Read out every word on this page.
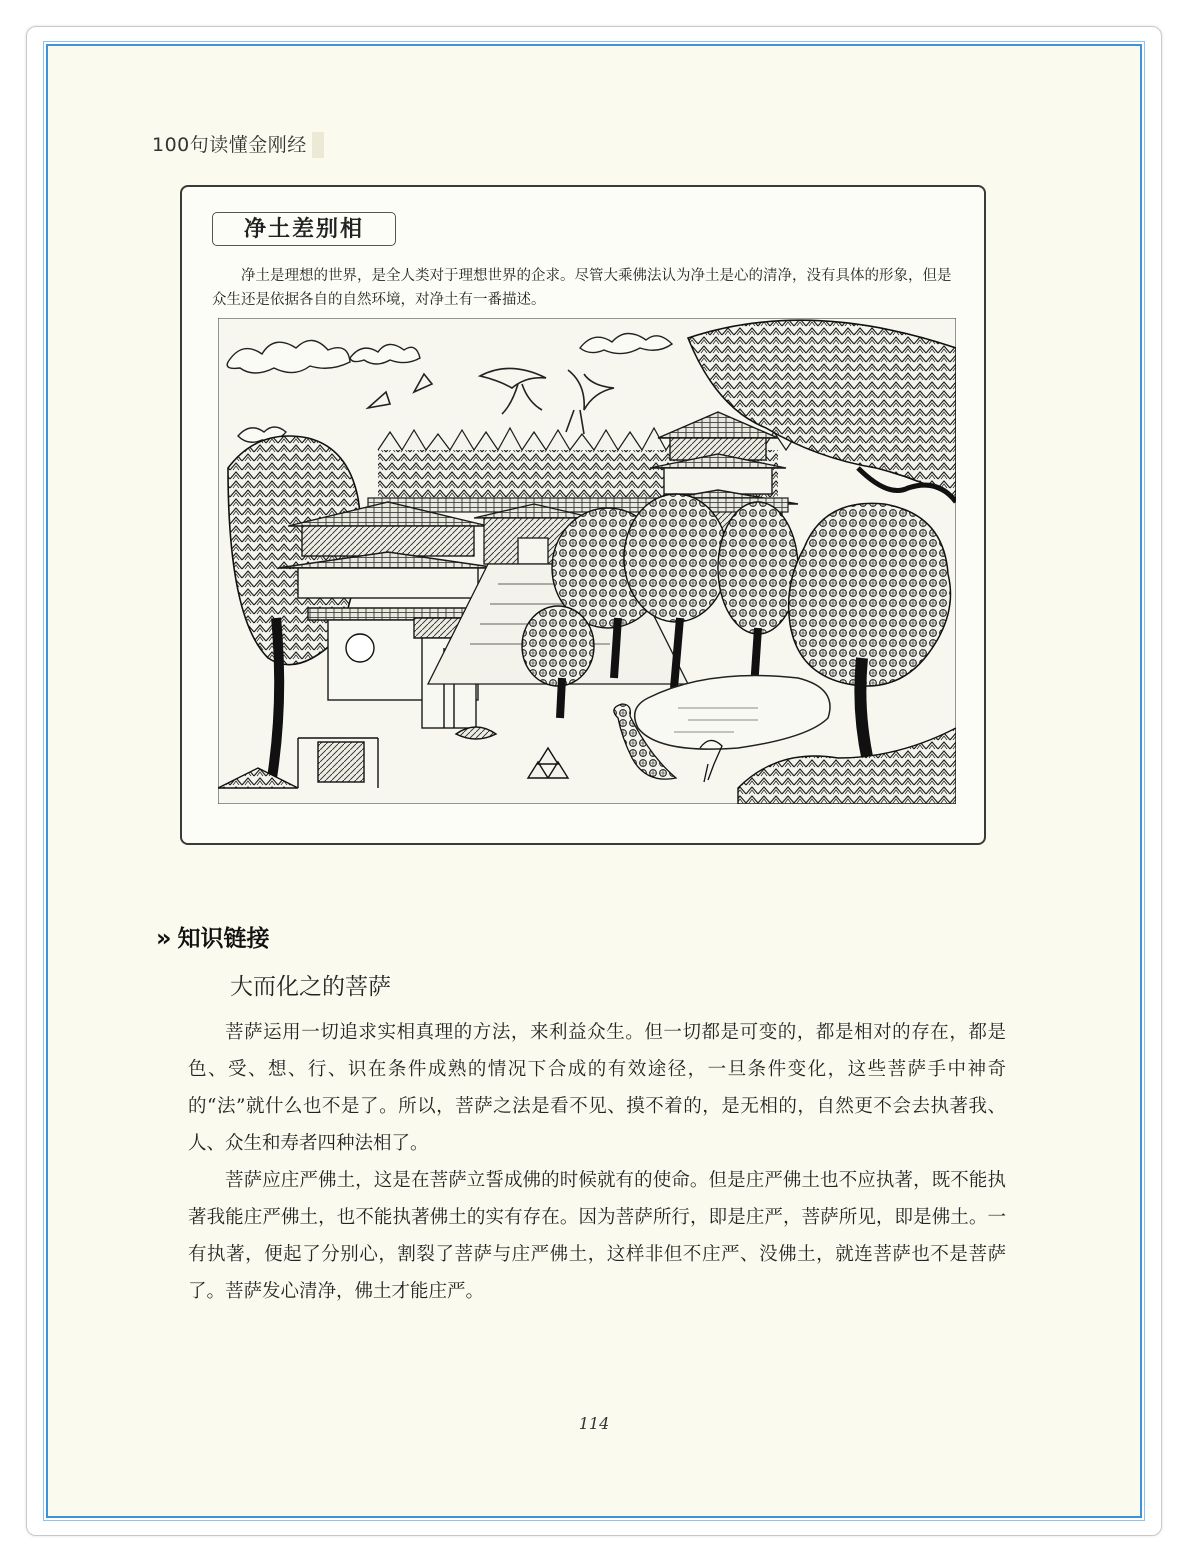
100句读懂金刚经
净土差别相
净土是理想的世界，是全人类对于理想世界的企求。尽管大乘佛法认为净土是心的清净，没有具体的形象，但是众生还是依据各自的自然环境，对净土有一番描述。
» 知识链接
大而化之的菩萨

菩萨运用一切追求实相真理的方法，来利益众生。但一切都是可变的，都是相对的存在，都是色、受、想、行、识在条件成熟的情况下合成的有效途径，一旦条件变化，这些菩萨手中神奇的“法”就什么也不是了。所以，菩萨之法是看不见、摸不着的，是无相的，自然更不会去执著我、人、众生和寿者四种法相了。

菩萨应庄严佛土，这是在菩萨立誓成佛的时候就有的使命。但是庄严佛土也不应执著，既不能执著我能庄严佛土，也不能执著佛土的实有存在。因为菩萨所行，即是庄严，菩萨所见，即是佛土。一有执著，便起了分别心，割裂了菩萨与庄严佛土，这样非但不庄严、没佛土，就连菩萨也不是菩萨了。菩萨发心清净，佛土才能庄严。

114
